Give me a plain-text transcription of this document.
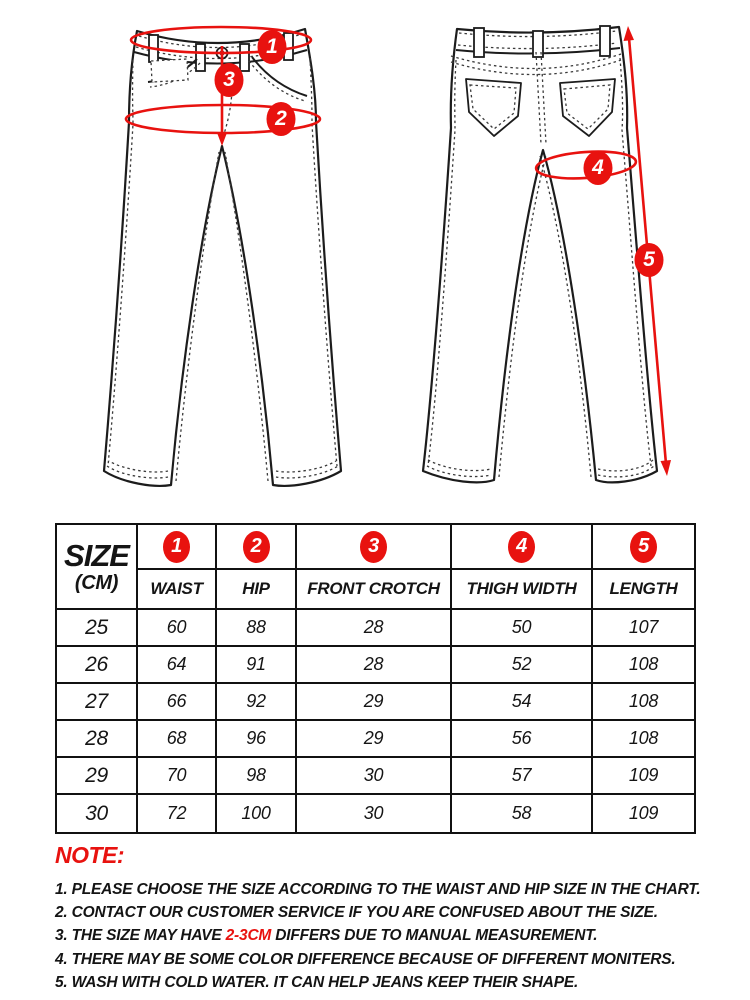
1
2
3
4
5
SIZE
(CM)
1	2	3	4	5
WAIST	HIP	FRONT CROTCH	THIGH WIDTH	LENGTH
25	60	88	28	50	107
26	64	91	28	52	108
27	66	92	29	54	108
28	68	96	29	56	108
29	70	98	30	57	109
30	72	100	30	58	109
NOTE:

1. PLEASE CHOOSE THE SIZE ACCORDING TO THE WAIST AND HIP SIZE IN THE CHART.

2. CONTACT OUR CUSTOMER SERVICE IF YOU ARE CONFUSED ABOUT THE SIZE.

3. THE SIZE MAY HAVE 2-3CM DIFFERS DUE TO MANUAL MEASUREMENT.

4. THERE MAY BE SOME COLOR DIFFERENCE BECAUSE OF DIFFERENT MONITERS.

5. WASH WITH COLD WATER. IT CAN HELP JEANS KEEP THEIR SHAPE.
